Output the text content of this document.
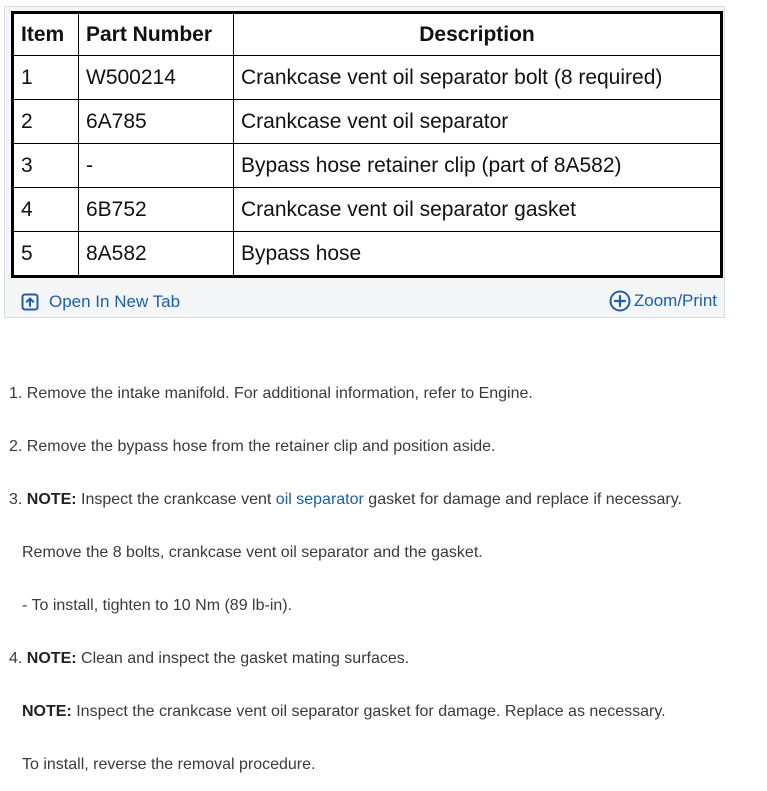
Item	Part Number	Description
1	W500214	Crankcase vent oil separator bolt (8 required)
2	6A785	Crankcase vent oil separator
3	-	Bypass hose retainer clip (part of 8A582)
4	6B752	Crankcase vent oil separator gasket
5	8A582	Bypass hose
Open In New Tab	Zoom/Print
1. Remove the intake manifold. For additional information, refer to Engine.
2. Remove the bypass hose from the retainer clip and position aside.
3. NOTE: Inspect the crankcase vent oil separator gasket for damage and replace if necessary.
Remove the 8 bolts, crankcase vent oil separator and the gasket.
- To install, tighten to 10 Nm (89 lb-in).
4. NOTE: Clean and inspect the gasket mating surfaces.
NOTE: Inspect the crankcase vent oil separator gasket for damage. Replace as necessary.
To install, reverse the removal procedure.
